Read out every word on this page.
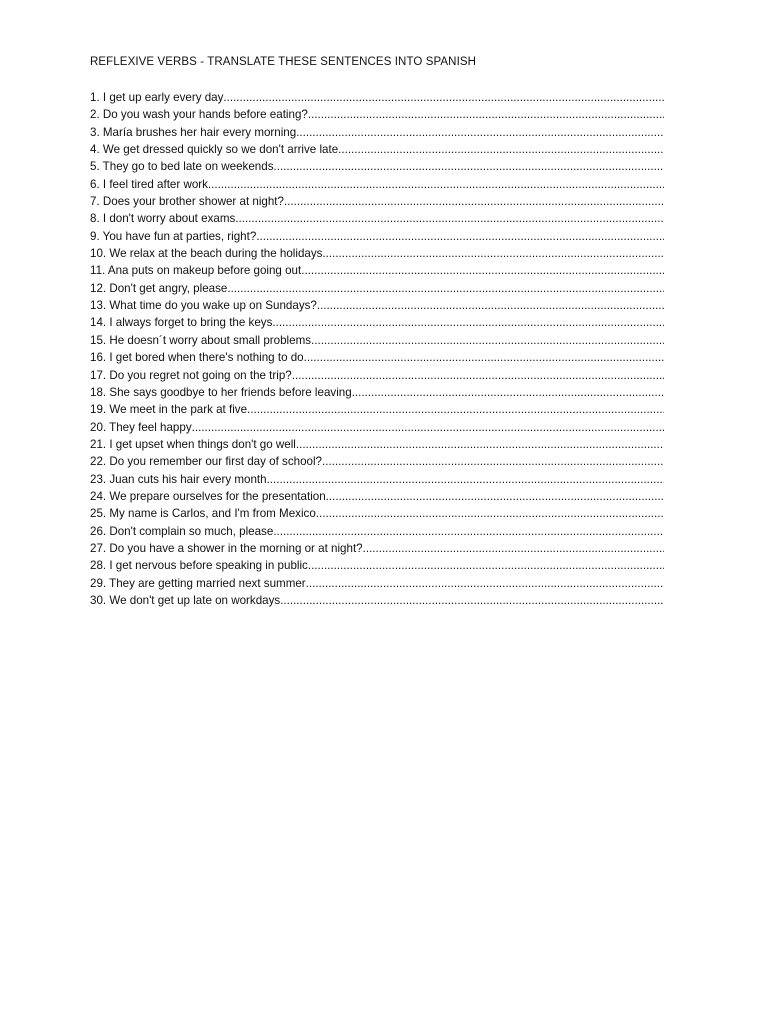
REFLEXIVE VERBS - TRANSLATE THESE SENTENCES INTO SPANISH
1. I get up early every day
.....
2. Do you wash your hands before eating?
.....
3. María brushes her hair every morning
.....
4. We get dressed quickly so we don't arrive late
.....
5. They go to bed late on weekends
.....
6. I feel tired after work
.....
7. Does your brother shower at night?
.....
8. I don't worry about exams
.....
9. You have fun at parties, right?
.....
10. We relax at the beach during the holidays
.....
11. Ana puts on makeup before going out
.....
12. Don't get angry, please
.....
13. What time do you wake up on Sundays?
.....
14. I always forget to bring the keys
.....
15. He doesn´t worry about small problems
.....
16. I get bored when there's nothing to do
.....
17. Do you regret not going on the trip?
.....
18. She says goodbye to her friends before leaving
.....
19. We meet in the park at five
.....
20. They feel happy
.....
21. I get upset when things don't go well
.....
22. Do you remember our first day of school?
.....
23. Juan cuts his hair every month
.....
24. We prepare ourselves for the presentation
.....
25. My name is Carlos, and I'm from Mexico
.....
26. Don't complain so much, please
.....
27. Do you have a shower in the morning or at night?
.....
28. I get nervous before speaking in public
.....
29. They are getting married next summer
.....
30. We don't get up late on workdays
.....
